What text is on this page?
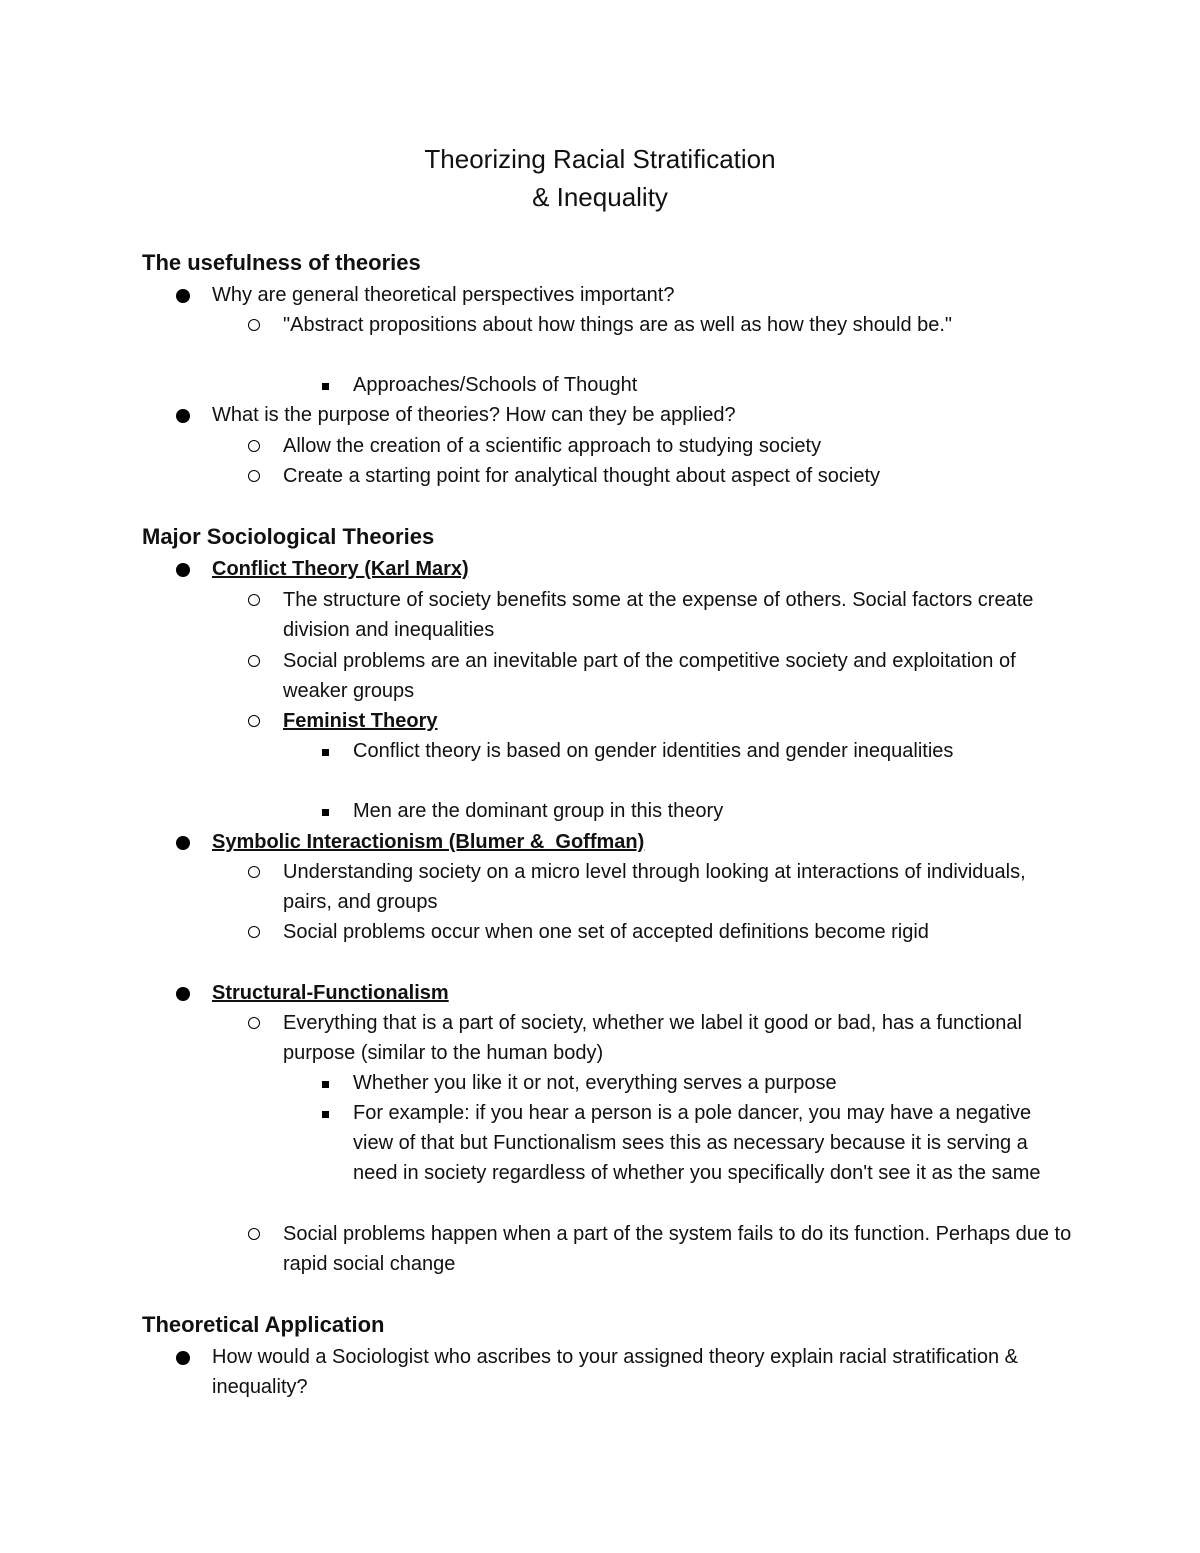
Theorizing Racial Stratification
& Inequality
The usefulness of theories
Why are general theoretical perspectives important?
"Abstract propositions about how things are as well as how they should be."
Approaches/Schools of Thought
What is the purpose of theories? How can they be applied?
Allow the creation of a scientific approach to studying society
Create a starting point for analytical thought about aspect of society
Major Sociological Theories
Conflict Theory (Karl Marx)
The structure of society benefits some at the expense of others. Social factors create division and inequalities
Social problems are an inevitable part of the competitive society and exploitation of weaker groups
Feminist Theory
Conflict theory is based on gender identities and gender inequalities
Men are the dominant group in this theory
Symbolic Interactionism (Blumer &  Goffman)
Understanding society on a micro level through looking at interactions of individuals, pairs, and groups
Social problems occur when one set of accepted definitions become rigid
Structural-Functionalism
Everything that is a part of society, whether we label it good or bad, has a functional purpose (similar to the human body)
Whether you like it or not, everything serves a purpose
For example: if you hear a person is a pole dancer, you may have a negative view of that but Functionalism sees this as necessary because it is serving a need in society regardless of whether you specifically don't see it as the same
Social problems happen when a part of the system fails to do its function. Perhaps due to rapid social change
Theoretical Application
How would a Sociologist who ascribes to your assigned theory explain racial stratification & inequality?
